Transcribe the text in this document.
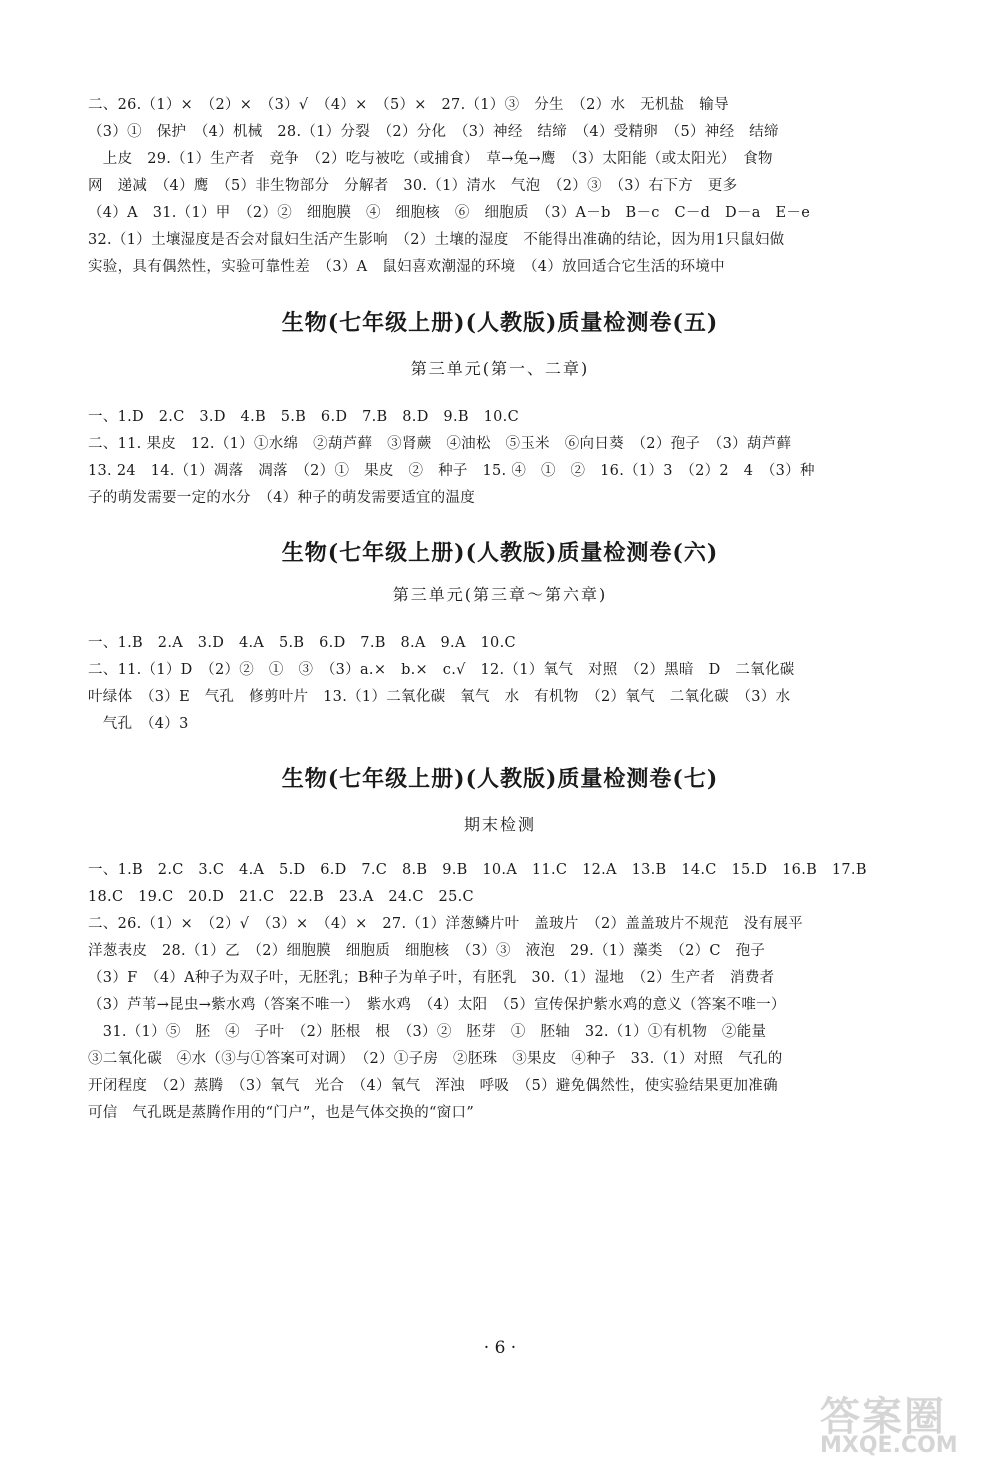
二、26.（1）×　（2）×　（3）√　（4）×　（5）×　27.（1）③　分生　（2）水　无机盐　输导
（3）①　保护　（4）机械　28.（1）分裂　（2）分化　（3）神经　结缔　（4）受精卵　（5）神经　结缔
　上皮　29.（1）生产者　竞争　（2）吃与被吃（或捕食）　草→兔→鹰　（3）太阳能（或太阳光）　食物
网　递减　（4）鹰　（5）非生物部分　分解者　30.（1）清水　气泡　（2）③　（3）右下方　更多
（4）A　31.（1）甲　（2）②　细胞膜　④　细胞核　⑥　细胞质　（3）A－b　B－c　C－d　D－a　E－e
32.（1）土壤湿度是否会对鼠妇生活产生影响　（2）土壤的湿度　不能得出准确的结论，因为用1只鼠妇做
实验，具有偶然性，实验可靠性差　（3）A　鼠妇喜欢潮湿的环境　（4）放回适合它生活的环境中
生物(七年级上册)(人教版)质量检测卷(五)
第三单元(第一、二章)
一、1.D　2.C　3.D　4.B　5.B　6.D　7.B　8.D　9.B　10.C
二、11. 果皮　12.（1）①水绵　②葫芦藓　③肾蕨　④油松　⑤玉米　⑥向日葵　（2）孢子　（3）葫芦藓
13. 24　14.（1）凋落　凋落　（2）①　果皮　②　种子　15. ④　①　②　16.（1）3　（2）2　4　（3）种
子的萌发需要一定的水分　（4）种子的萌发需要适宜的温度
生物(七年级上册)(人教版)质量检测卷(六)
第三单元(第三章～第六章)
一、1.B　2.A　3.D　4.A　5.B　6.D　7.B　8.A　9.A　10.C
二、11.（1）D　（2）②　①　③　（3）a.×　b.×　c.√　12.（1）氧气　对照　（2）黑暗　D　二氧化碳
叶绿体　（3）E　气孔　修剪叶片　13.（1）二氧化碳　氧气　水　有机物　（2）氧气　二氧化碳　（3）水
　气孔　（4）3
生物(七年级上册)(人教版)质量检测卷(七)
期末检测
一、1.B　2.C　3.C　4.A　5.D　6.D　7.C　8.B　9.B　10.A　11.C　12.A　13.B　14.C　15.D　16.B　17.B
18.C　19.C　20.D　21.C　22.B　23.A　24.C　25.C
二、26.（1）×　（2）√　（3）×　（4）×　27.（1）洋葱鳞片叶　盖玻片　（2）盖盖玻片不规范　没有展平
洋葱表皮　28.（1）乙　（2）细胞膜　细胞质　细胞核　（3）③　液泡　29.（1）藻类　（2）C　孢子
（3）F　（4）A种子为双子叶，无胚乳；B种子为单子叶，有胚乳　30.（1）湿地　（2）生产者　消费者
（3）芦苇→昆虫→紫水鸡（答案不唯一）　紫水鸡　（4）太阳　（5）宣传保护紫水鸡的意义（答案不唯一）
　31.（1）⑤　胚　④　子叶　（2）胚根　根　（3）②　胚芽　①　胚轴　32.（1）①有机物　②能量
③二氧化碳　④水（③与①答案可对调）　（2）①子房　②胚珠　③果皮　④种子　33.（1）对照　气孔的
开闭程度　（2）蒸腾　（3）氧气　光合　（4）氧气　浑浊　呼吸　（5）避免偶然性，使实验结果更加准确
可信　气孔既是蒸腾作用的“门户”，也是气体交换的“窗口”
· 6 ·
答案圈
MXQE.COM
